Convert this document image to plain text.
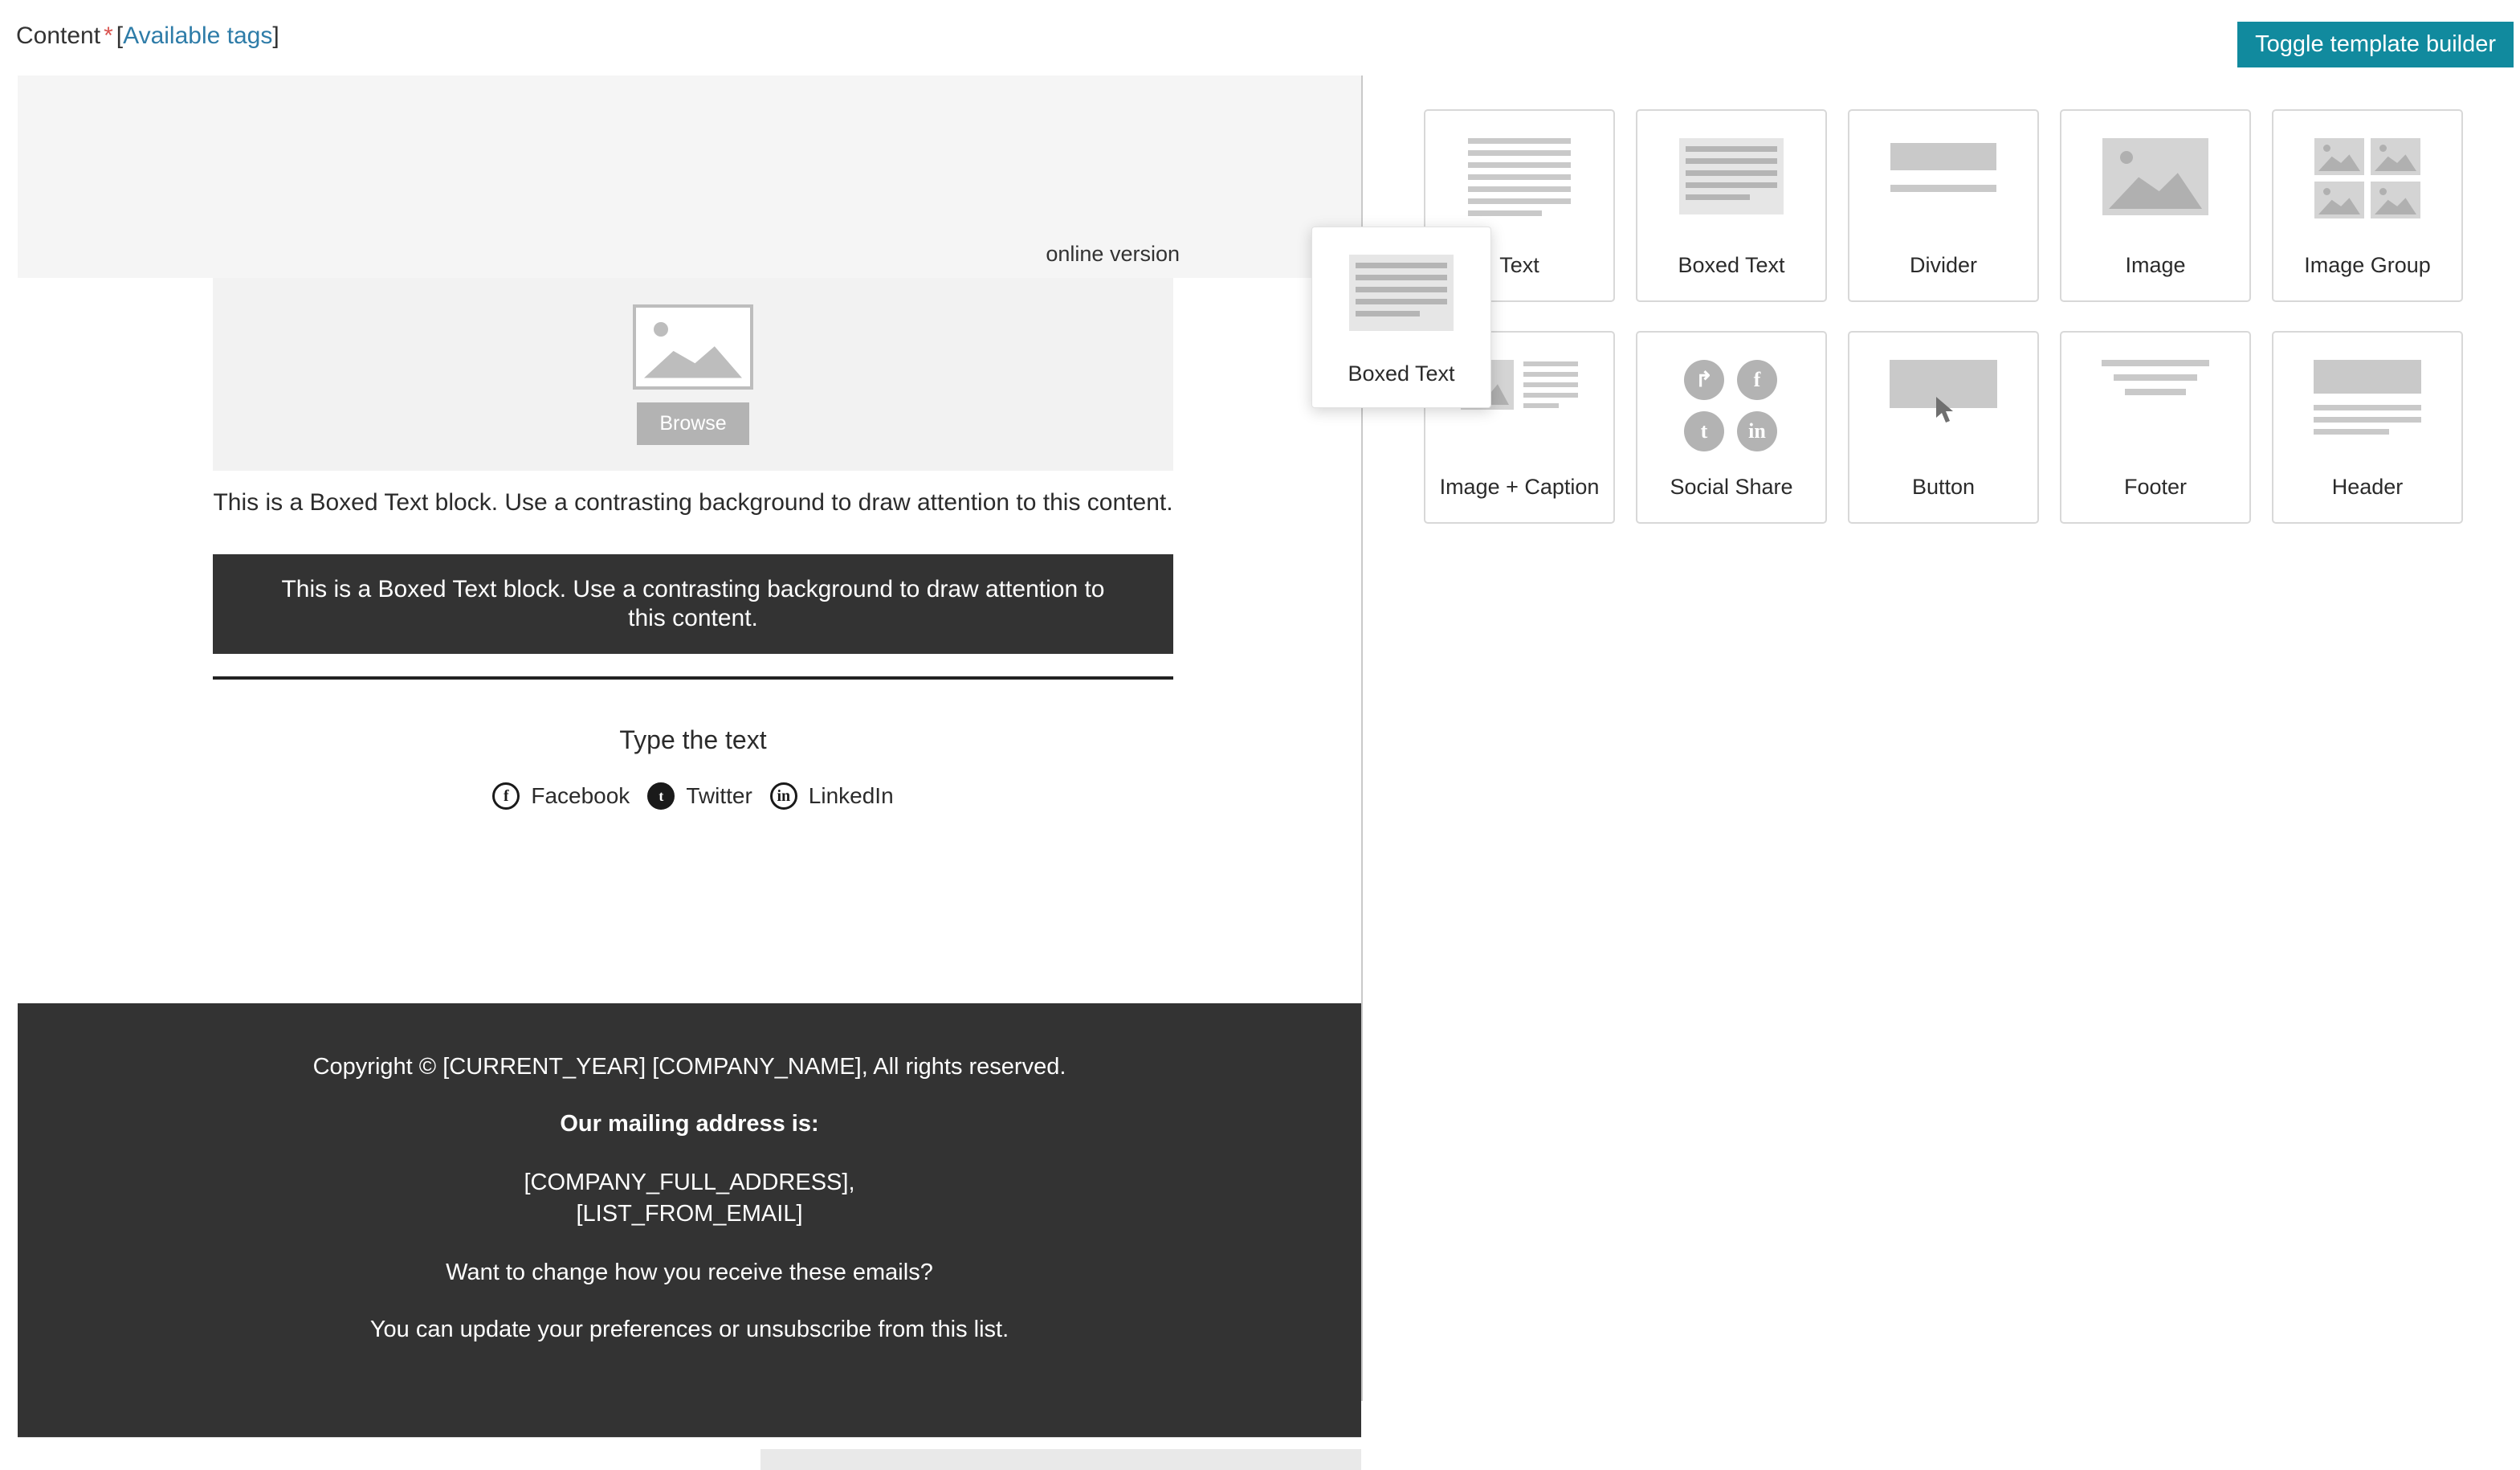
Content * [Available tags]	Toggle template builder
online version
Browse
This is a Boxed Text block. Use a contrasting background to draw attention to this content.
This is a Boxed Text block. Use a contrasting background to draw attention to this content.
Type the text
f Facebook	t	Twitter	in LinkedIn

Copyright © [CURRENT_YEAR] [COMPANY_NAME], All rights reserved.

Our mailing address is:

[COMPANY_FULL_ADDRESS],
[LIST_FROM_EMAIL]

Want to change how you receive these emails?

You can update your preferences or unsubscribe from this list.

Text	Boxed Text	Divider	Image	Image Group
Image + Caption
↱	f
t	in
Social Share	Button	Footer	Header
Boxed Text
